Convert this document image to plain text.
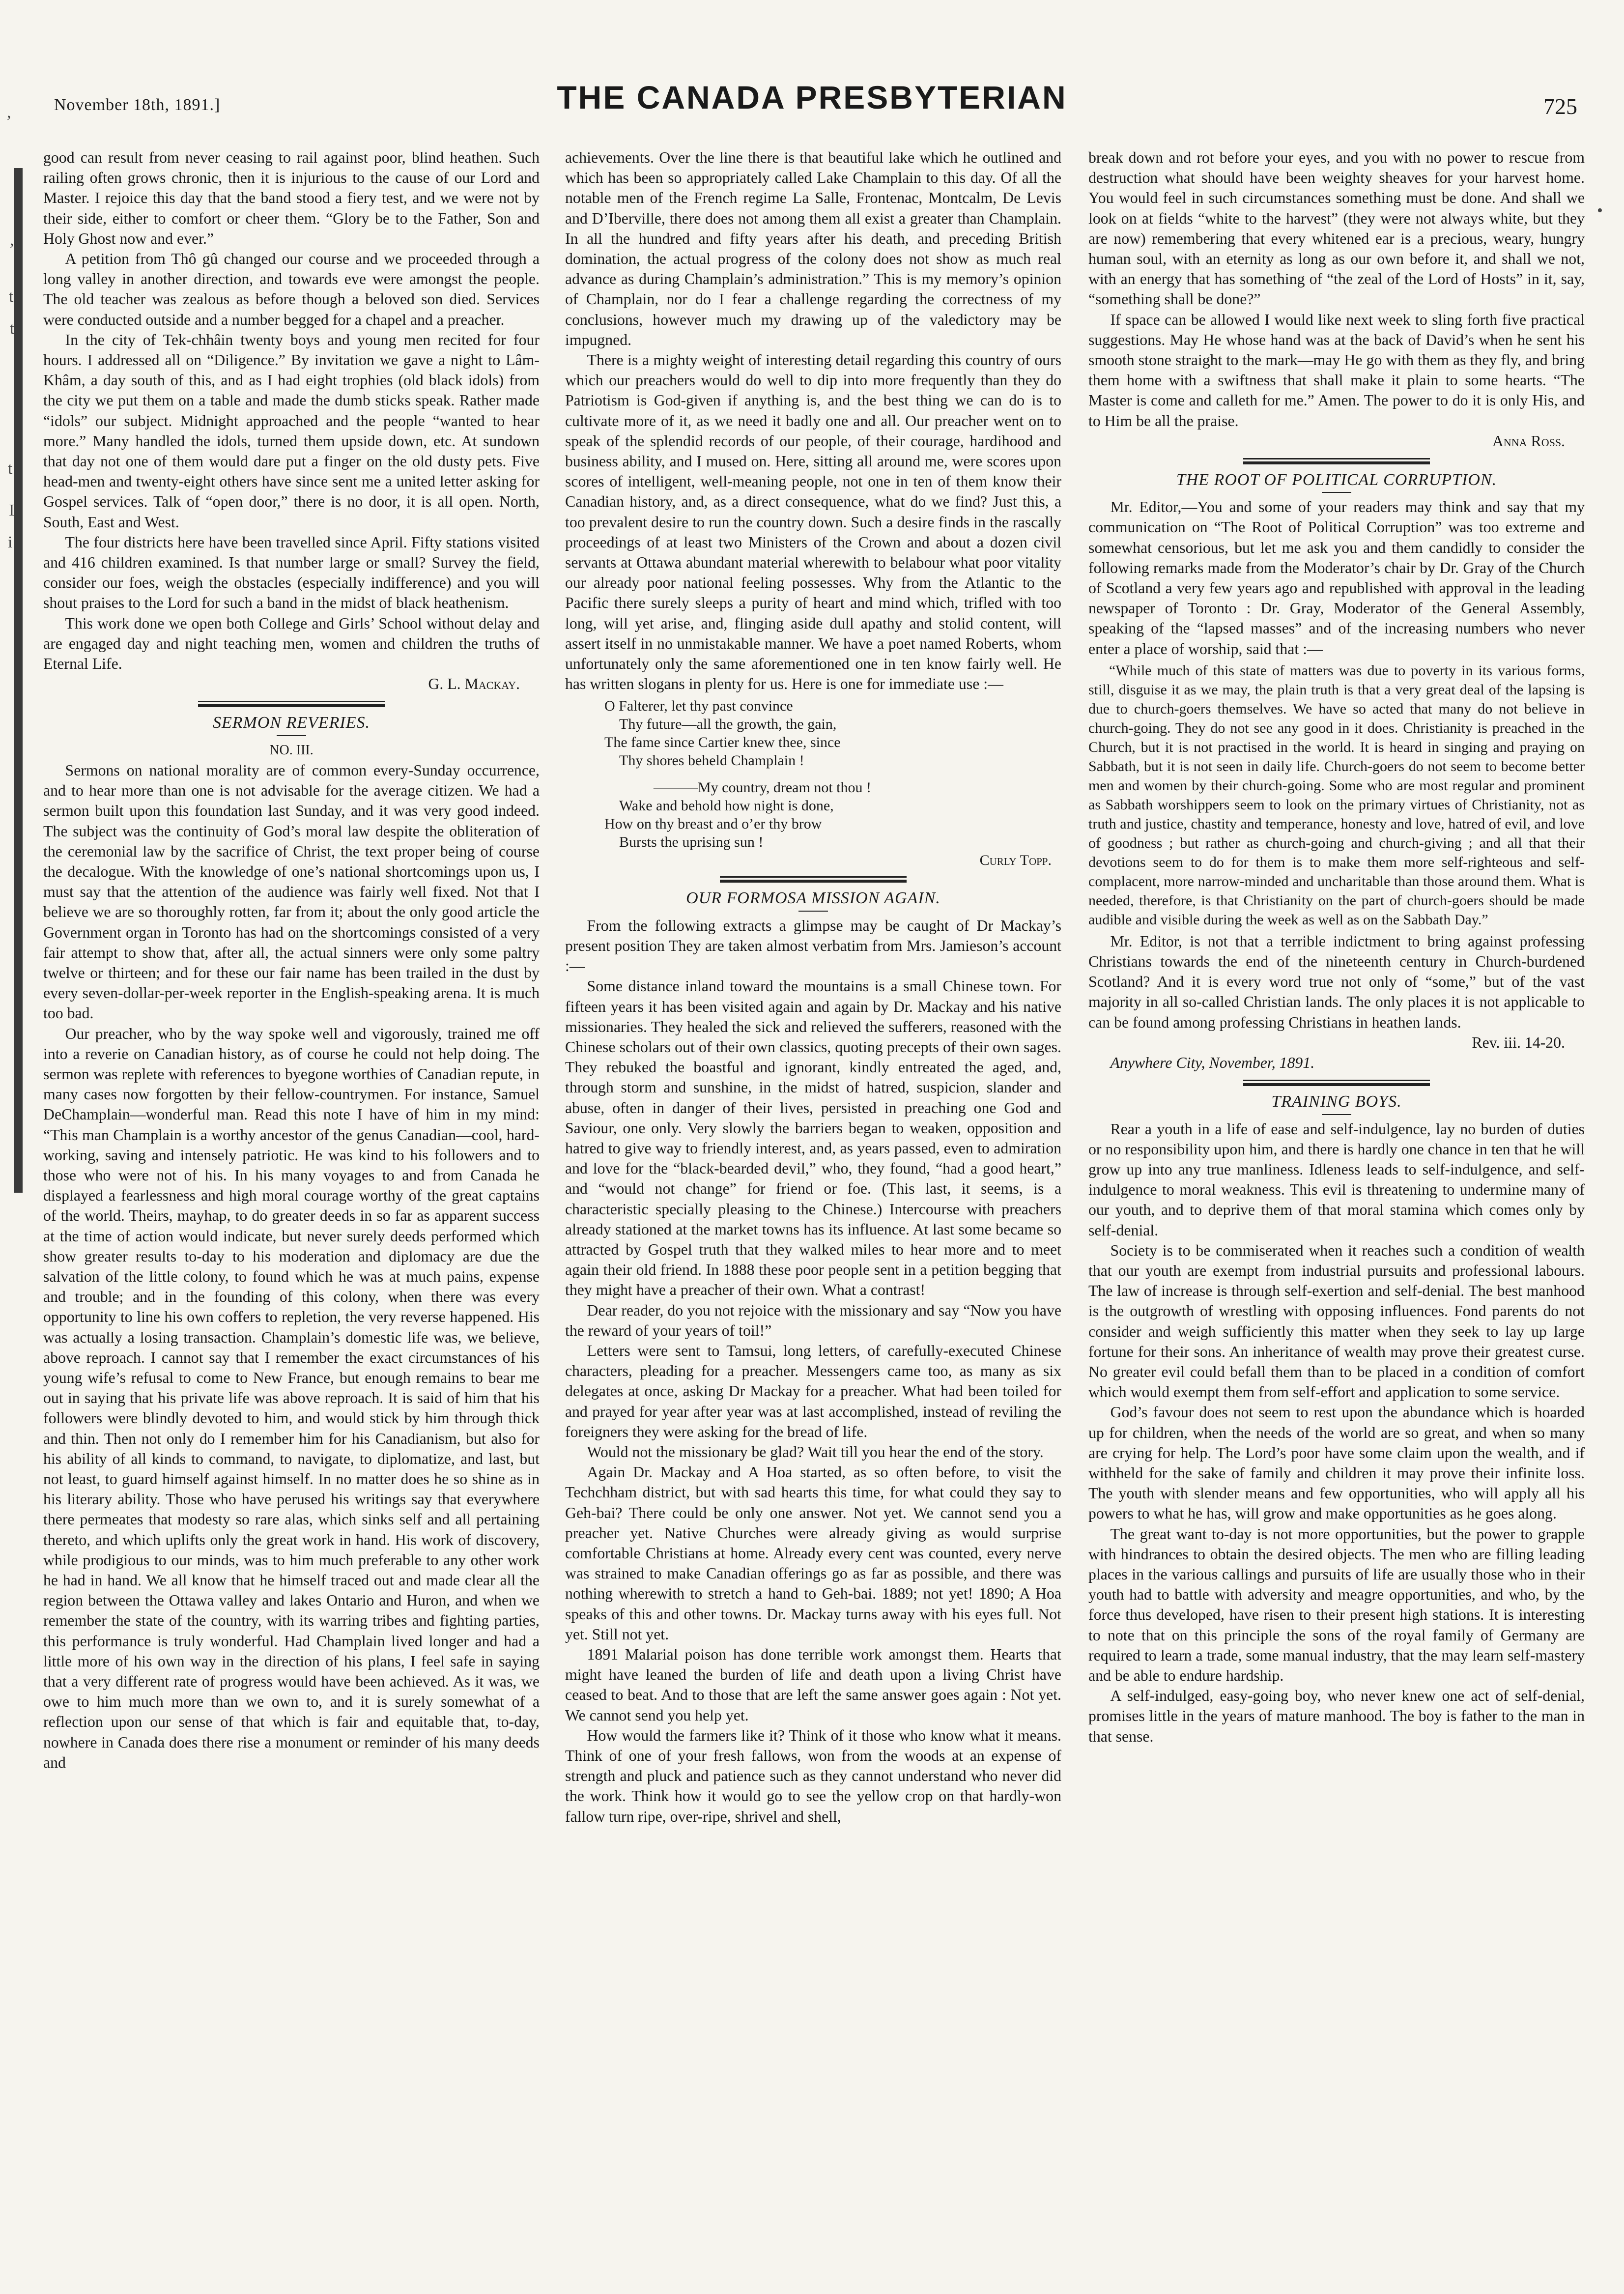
November 18th, 1891.]	THE CANADA PRESBYTERIAN	725
,
,
t
t
t
I
i
•

good can result from never ceasing to rail against poor, blind heathen. Such railing often grows chronic, then it is injurious to the cause of our Lord and Master. I rejoice this day that the band stood a fiery test, and we were not by their side, either to comfort or cheer them. “Glory be to the Father, Son and Holy Ghost now and ever.”

A petition from Thô gû changed our course and we proceeded through a long valley in another direction, and towards eve were amongst the people. The old teacher was zealous as before though a beloved son died. Services were conducted outside and a number begged for a chapel and a preacher.

In the city of Tek-chhâin twenty boys and young men recited for four hours. I addressed all on “Diligence.” By invitation we gave a night to Lâm-Khâm, a day south of this, and as I had eight trophies (old black idols) from the city we put them on a table and made the dumb sticks speak. Rather made “idols” our subject. Midnight approached and the people “wanted to hear more.” Many handled the idols, turned them upside down, etc. At sundown that day not one of them would dare put a finger on the old dusty pets. Five head-men and twenty-eight others have since sent me a united letter asking for Gospel services. Talk of “open door,” there is no door, it is all open. North, South, East and West.

The four districts here have been travelled since April. Fifty stations visited and 416 children examined. Is that number large or small? Survey the field, consider our foes, weigh the obstacles (especially indifference) and you will shout praises to the Lord for such a band in the midst of black heathenism.

This work done we open both College and Girls’ School without delay and are engaged day and night teaching men, women and children the truths of Eternal Life.

G. L. Mackay.

SERMON REVERIES.

NO. III.

Sermons on national morality are of common every-Sunday occurrence, and to hear more than one is not advisable for the average citizen. We had a sermon built upon this foundation last Sunday, and it was very good indeed. The subject was the continuity of God’s moral law despite the obliteration of the ceremonial law by the sacrifice of Christ, the text proper being of course the decalogue. With the knowledge of one’s national shortcomings upon us, I must say that the attention of the audience was fairly well fixed. Not that I believe we are so thoroughly rotten, far from it; about the only good article the Government organ in Toronto has had on the shortcomings consisted of a very fair attempt to show that, after all, the actual sinners were only some paltry twelve or thirteen; and for these our fair name has been trailed in the dust by every seven-dollar-per-week reporter in the English-speaking arena. It is much too bad.

Our preacher, who by the way spoke well and vigorously, trained me off into a reverie on Canadian history, as of course he could not help doing. The sermon was replete with references to byegone worthies of Canadian repute, in many cases now forgotten by their fellow-countrymen. For instance, Samuel DeChamplain—wonderful man. Read this note I have of him in my mind: “This man Champlain is a worthy ancestor of the genus Canadian—cool, hard-working, saving and intensely patriotic. He was kind to his followers and to those who were not of his. In his many voyages to and from Canada he displayed a fearlessness and high moral courage worthy of the great captains of the world. Theirs, mayhap, to do greater deeds in so far as apparent success at the time of action would indicate, but never surely deeds performed which show greater results to-day to his moderation and diplomacy are due the salvation of the little colony, to found which he was at much pains, expense and trouble; and in the founding of this colony, when there was every opportunity to line his own coffers to repletion, the very reverse happened. His was actually a losing transaction. Champlain’s domestic life was, we believe, above reproach. I cannot say that I remember the exact circumstances of his young wife’s refusal to come to New France, but enough remains to bear me out in saying that his private life was above reproach. It is said of him that his followers were blindly devoted to him, and would stick by him through thick and thin. Then not only do I remember him for his Canadianism, but also for his ability of all kinds to command, to navigate, to diplomatize, and last, but not least, to guard himself against himself. In no matter does he so shine as in his literary ability. Those who have perused his writings say that everywhere there permeates that modesty so rare alas, which sinks self and all pertaining thereto, and which uplifts only the great work in hand. His work of discovery, while prodigious to our minds, was to him much preferable to any other work he had in hand. We all know that he himself traced out and made clear all the region between the Ottawa valley and lakes Ontario and Huron, and when we remember the state of the country, with its warring tribes and fighting parties, this performance is truly wonderful. Had Champlain lived longer and had a little more of his own way in the direction of his plans, I feel safe in saying that a very different rate of progress would have been achieved. As it was, we owe to him much more than we own to, and it is surely somewhat of a reflection upon our sense of that which is fair and equitable that, to-day, nowhere in Canada does there rise a monument or reminder of his many deeds and

achievements. Over the line there is that beautiful lake which he outlined and which has been so appropriately called Lake Champlain to this day. Of all the notable men of the French regime La Salle, Frontenac, Montcalm, De Levis and D’Iberville, there does not among them all exist a greater than Champlain. In all the hundred and fifty years after his death, and preceding British domination, the actual progress of the colony does not show as much real advance as during Champlain’s administration.” This is my memory’s opinion of Champlain, nor do I fear a challenge regarding the correctness of my conclusions, however much my drawing up of the valedictory may be impugned.

There is a mighty weight of interesting detail regarding this country of ours which our preachers would do well to dip into more frequently than they do Patriotism is God-given if anything is, and the best thing we can do is to cultivate more of it, as we need it badly one and all. Our preacher went on to speak of the splendid records of our people, of their courage, hardihood and business ability, and I mused on. Here, sitting all around me, were scores upon scores of intelligent, well-meaning people, not one in ten of them know their Canadian history, and, as a direct consequence, what do we find? Just this, a too prevalent desire to run the country down. Such a desire finds in the rascally proceedings of at least two Ministers of the Crown and about a dozen civil servants at Ottawa abundant material wherewith to belabour what poor vitality our already poor national feeling possesses. Why from the Atlantic to the Pacific there surely sleeps a purity of heart and mind which, trifled with too long, will yet arise, and, flinging aside dull apathy and stolid content, will assert itself in no unmistakable manner. We have a poet named Roberts, whom unfortunately only the same aforementioned one in ten know fairly well. He has written slogans in plenty for us. Here is one for immediate use :—

O Falterer, let thy past convince
Thy future—all the growth, the gain,
The fame since Cartier knew thee, since
Thy shores beheld Champlain !
———My country, dream not thou !
Wake and behold how night is done,
How on thy breast and o’er thy brow
Bursts the uprising sun !
Curly Topp.

OUR FORMOSA MISSION AGAIN.

From the following extracts a glimpse may be caught of Dr Mackay’s present position They are taken almost verbatim from Mrs. Jamieson’s account :—

Some distance inland toward the mountains is a small Chinese town. For fifteen years it has been visited again and again by Dr. Mackay and his native missionaries. They healed the sick and relieved the sufferers, reasoned with the Chinese scholars out of their own classics, quoting precepts of their own sages. They rebuked the boastful and ignorant, kindly entreated the aged, and, through storm and sunshine, in the midst of hatred, suspicion, slander and abuse, often in danger of their lives, persisted in preaching one God and Saviour, one only. Very slowly the barriers began to weaken, opposition and hatred to give way to friendly interest, and, as years passed, even to admiration and love for the “black-bearded devil,” who, they found, “had a good heart,” and “would not change” for friend or foe. (This last, it seems, is a characteristic specially pleasing to the Chinese.) Intercourse with preachers already stationed at the market towns has its influence. At last some became so attracted by Gospel truth that they walked miles to hear more and to meet again their old friend. In 1888 these poor people sent in a petition begging that they might have a preacher of their own. What a contrast!

Dear reader, do you not rejoice with the missionary and say “Now you have the reward of your years of toil!”

Letters were sent to Tamsui, long letters, of carefully-executed Chinese characters, pleading for a preacher. Messengers came too, as many as six delegates at once, asking Dr Mackay for a preacher. What had been toiled for and prayed for year after year was at last accomplished, instead of reviling the foreigners they were asking for the bread of life.

Would not the missionary be glad? Wait till you hear the end of the story.

Again Dr. Mackay and A Hoa started, as so often before, to visit the Techchham district, but with sad hearts this time, for what could they say to Geh-bai? There could be only one answer. Not yet. We cannot send you a preacher yet. Native Churches were already giving as would surprise comfortable Christians at home. Already every cent was counted, every nerve was strained to make Canadian offerings go as far as possible, and there was nothing wherewith to stretch a hand to Geh-bai. 1889; not yet! 1890; A Hoa speaks of this and other towns. Dr. Mackay turns away with his eyes full. Not yet. Still not yet.

1891 Malarial poison has done terrible work amongst them. Hearts that might have leaned the burden of life and death upon a living Christ have ceased to beat. And to those that are left the same answer goes again : Not yet. We cannot send you help yet.

How would the farmers like it? Think of it those who know what it means. Think of one of your fresh fallows, won from the woods at an expense of strength and pluck and patience such as they cannot understand who never did the work. Think how it would go to see the yellow crop on that hardly-won fallow turn ripe, over-ripe, shrivel and shell,

break down and rot before your eyes, and you with no power to rescue from destruction what should have been weighty sheaves for your harvest home. You would feel in such circumstances something must be done. And shall we look on at fields “white to the harvest” (they were not always white, but they are now) remembering that every whitened ear is a precious, weary, hungry human soul, with an eternity as long as our own before it, and shall we not, with an energy that has something of “the zeal of the Lord of Hosts” in it, say, “something shall be done?”

If space can be allowed I would like next week to sling forth five practical suggestions. May He whose hand was at the back of David’s when he sent his smooth stone straight to the mark—may He go with them as they fly, and bring them home with a swiftness that shall make it plain to some hearts. “The Master is come and calleth for me.” Amen. The power to do it is only His, and to Him be all the praise.

Anna Ross.

THE ROOT OF POLITICAL CORRUPTION.

Mr. Editor,—You and some of your readers may think and say that my communication on “The Root of Political Corruption” was too extreme and somewhat censorious, but let me ask you and them candidly to consider the following remarks made from the Moderator’s chair by Dr. Gray of the Church of Scotland a very few years ago and republished with approval in the leading newspaper of Toronto : Dr. Gray, Moderator of the General Assembly, speaking of the “lapsed masses” and of the increasing numbers who never enter a place of worship, said that :—

“While much of this state of matters was due to poverty in its various forms, still, disguise it as we may, the plain truth is that a very great deal of the lapsing is due to church-goers themselves. We have so acted that many do not believe in church-going. They do not see any good in it does. Christianity is preached in the Church, but it is not practised in the world. It is heard in singing and praying on Sabbath, but it is not seen in daily life. Church-goers do not seem to become better men and women by their church-going. Some who are most regular and prominent as Sabbath worshippers seem to look on the primary virtues of Christianity, not as truth and justice, chastity and temperance, honesty and love, hatred of evil, and love of goodness ; but rather as church-going and church-giving ; and all that their devotions seem to do for them is to make them more self-righteous and self-complacent, more narrow-minded and uncharitable than those around them. What is needed, therefore, is that Christianity on the part of church-goers should be made audible and visible during the week as well as on the Sabbath Day.”

Mr. Editor, is not that a terrible indictment to bring against professing Christians towards the end of the nineteenth century in Church-burdened Scotland? And it is every word true not only of “some,” but of the vast majority in all so-called Christian lands. The only places it is not applicable to can be found among professing Christians in heathen lands.

Rev. iii. 14-20.

Anywhere City, November, 1891.

TRAINING BOYS.

Rear a youth in a life of ease and self-indulgence, lay no burden of duties or no responsibility upon him, and there is hardly one chance in ten that he will grow up into any true manliness. Idleness leads to self-indulgence, and self-indulgence to moral weakness. This evil is threatening to undermine many of our youth, and to deprive them of that moral stamina which comes only by self-denial.

Society is to be commiserated when it reaches such a condition of wealth that our youth are exempt from industrial pursuits and professional labours. The law of increase is through self-exertion and self-denial. The best manhood is the outgrowth of wrestling with opposing influences. Fond parents do not consider and weigh sufficiently this matter when they seek to lay up large fortune for their sons. An inheritance of wealth may prove their greatest curse. No greater evil could befall them than to be placed in a condition of comfort which would exempt them from self-effort and application to some service.

God’s favour does not seem to rest upon the abundance which is hoarded up for children, when the needs of the world are so great, and when so many are crying for help. The Lord’s poor have some claim upon the wealth, and if withheld for the sake of family and children it may prove their infinite loss. The youth with slender means and few opportunities, who will apply all his powers to what he has, will grow and make opportunities as he goes along.

The great want to-day is not more opportunities, but the power to grapple with hindrances to obtain the desired objects. The men who are filling leading places in the various callings and pursuits of life are usually those who in their youth had to battle with adversity and meagre opportunities, and who, by the force thus developed, have risen to their present high stations. It is interesting to note that on this principle the sons of the royal family of Germany are required to learn a trade, some manual industry, that the may learn self-mastery and be able to endure hardship.

A self-indulged, easy-going boy, who never knew one act of self-denial, promises little in the years of mature manhood. The boy is father to the man in that sense.
